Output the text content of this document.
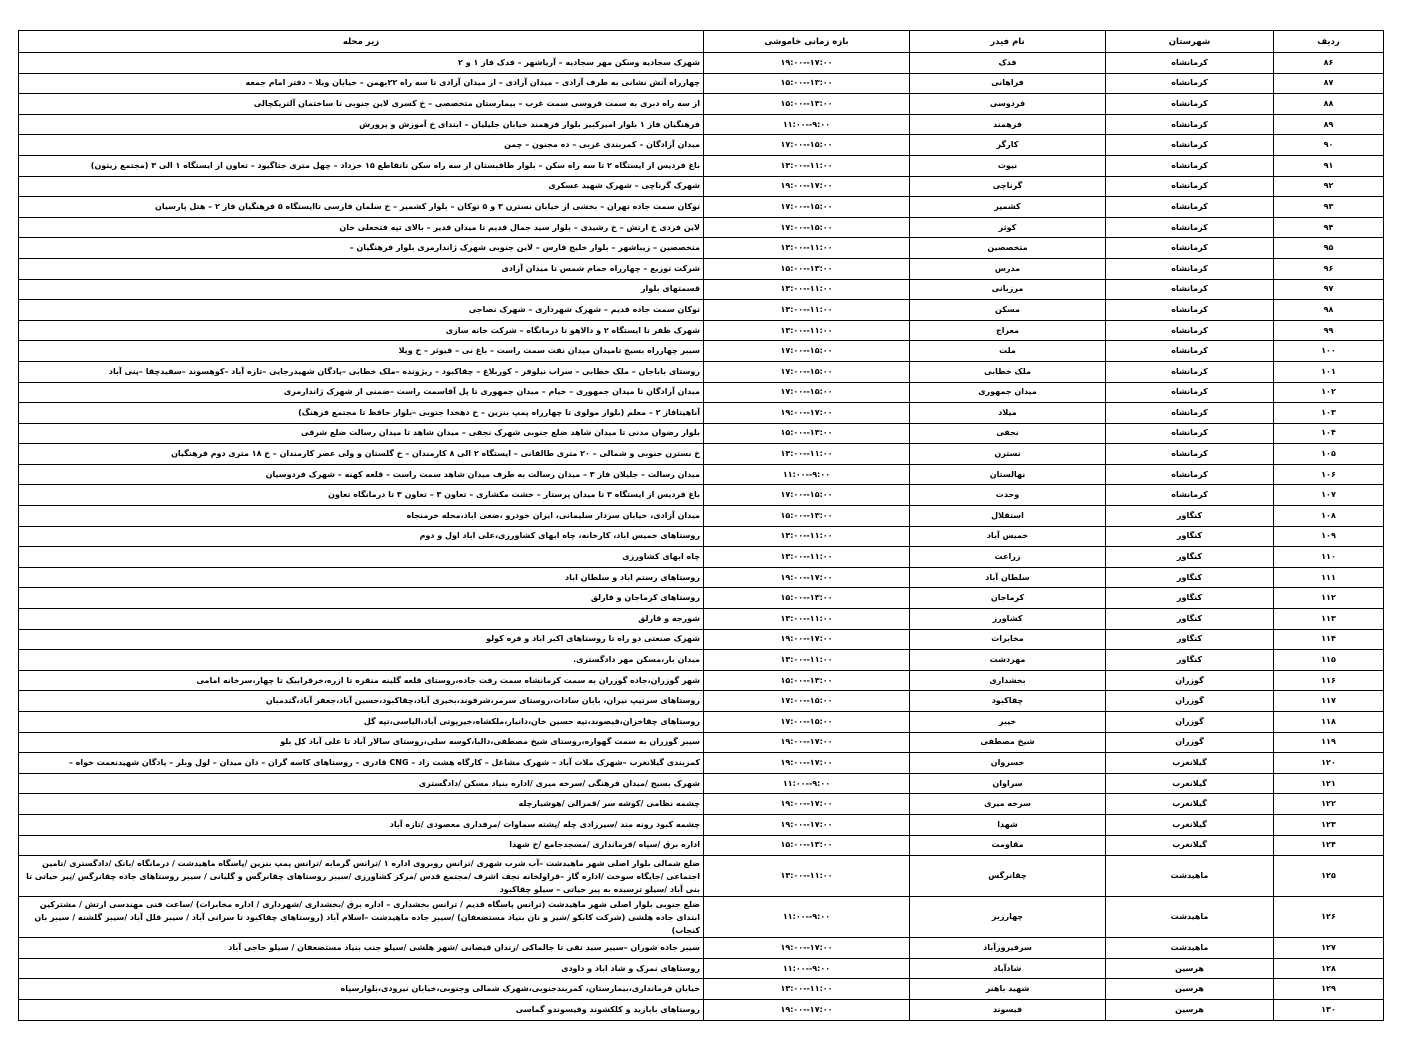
ردیف	شهرستان	نام فیدر	بازه زمانی خاموشی	زیر محله
۸۶	کرمانشاه	فدک	۱۹:۰۰--۱۷:۰۰	شهرک سجادیه وسکن مهر سجادیه – آریاشهر – فدک فاز ۱ و ۲
۸۷	کرمانشاه	فراهانی	۱۵:۰۰--۱۳:۰۰	چهارراه آتش نشانی به طرف آزادی – میدان آزادی – از میدان آزادی تا سه راه ۲۲بهمن – خیابان ویلا – دفتر امام جمعه
۸۸	کرمانشاه	فردوسی	۱۵:۰۰--۱۳:۰۰	از سه راه دبری به سمت فروسی سمت غرب – بیمارستان متخصصی – خ کسری لاین جنوبی تا ساختمان آلتریکچالی
۸۹	کرمانشاه	فرهمند	۱۱:۰۰--۹:۰۰	فرهنگیان فاز ۱ بلوار امیرکبیر بلوار فرهمند خیابان جلیلیان – ابتدای خ آموزش و پرورش
۹۰	کرمانشاه	کارگر	۱۷:۰۰--۱۵:۰۰	میدان آزادگان – کمربندی غربی – ده مجنون – چمن
۹۱	کرمانشاه	نیوت	۱۳:۰۰--۱۱:۰۰	باغ فردیس از ایستگاه ۲ تا سه راه سکن – بلوار طاقبستان از سه راه سکن تاتقاطع ۱۵ خرداد – چهل متری جتاگیود – تعاون از ایستگاه ۱ الی ۳ (مجتمع زیتون)
۹۲	کرمانشاه	گرناچی	۱۹:۰۰--۱۷:۰۰	شهرک گرناچی – شهرک شهید عسکری
۹۳	کرمانشاه	کشمیر	۱۷:۰۰--۱۵:۰۰	توکان سمت جاده تهران – بخشی از خیابان نسترن ۳ و ۵ توکان – بلوار کشمیر – خ سلمان فارسی تاایستگاه ۵ فرهنگیان فاز ۲ – هتل پارسیان
۹۴	کرمانشاه	کوثر	۱۷:۰۰--۱۵:۰۰	لاین فردی خ ارتش – خ رشیدی – بلوار سید جمال قدیم تا میدان قدیر – بالای تپه فتحعلی خان
۹۵	کرمانشاه	متخصصین	۱۳:۰۰--۱۱:۰۰	متخصصین – زیباشهر – بلوار خلیج فارس – لاین جنوبی شهرک ژاندارمری بلوار فرهنگیان –
۹۶	کرمانشاه	مدرس	۱۵:۰۰--۱۳:۰۰	شرکت توزیع – چهارراه حمام شمس تا میدان آزادی
۹۷	کرمانشاه	مرزبانی	۱۳:۰۰--۱۱:۰۰	قسمتهای بلوار
۹۸	کرمانشاه	مسکن	۱۳:۰۰--۱۱:۰۰	توکان سمت جاده قدیم – شهرک شهرداری – شهرک نصاجی
۹۹	کرمانشاه	معراج	۱۳:۰۰--۱۱:۰۰	شهرک ظفر تا ایستگاه ۲ و دالاهو تا درمانگاه – شرکت خانه سازی
۱۰۰	کرمانشاه	ملت	۱۷:۰۰--۱۵:۰۰	سیبر چهارراه بسیج تامیدان میدان نفت سمت راست – باغ نی – فیوثر – خ ویلا
۱۰۱	کرمانشاه	ملک خطابی	۱۷:۰۰--۱۵:۰۰	روستای باباجان – ملک خطابی – سراب نیلوفر – کوربلاغ – چقاکبود – ریژونده –ملک خطابی –پادگان شهیدرجایی –تازه آباد –کوهسوند –سفیدچقا –پنی آباد
۱۰۲	کرمانشاه	میدان جمهوری	۱۷:۰۰--۱۵:۰۰	میدان آزادگان تا میدان جمهوری – خیام – میدان جمهوری تا پل آقاسمت راست –ضمنی از شهرک ژاندارمری
۱۰۳	کرمانشاه	میلاد	۱۹:۰۰--۱۷:۰۰	آناهیتافاز ۲ – معلم (بلوار مولوی تا چهارراه پمپ بنزین – خ دهخدا جنوبی –بلوار حافظ تا مجتمع فرهنگ)
۱۰۴	کرمانشاه	نجفی	۱۵:۰۰--۱۳:۰۰	بلوار رضوان مدنی تا میدان شاهد ضلع جنوبی شهرک نجفی – میدان شاهد تا میدان رسالت ضلع شرقی
۱۰۵	کرمانشاه	نسترن	۱۳:۰۰--۱۱:۰۰	خ نسترن جنوبی و شمالی – ۲۰ متری طالقانی – ایستگاه ۲ الی ۸ کارمندان – خ گلستان و ولی عصر کارمندان – خ ۱۸ متری دوم فرهنگیان
۱۰۶	کرمانشاه	نهالستان	۱۱:۰۰--۹:۰۰	میدان رسالت – جلیلان فاز ۳ – میدان رسالت به طرف میدان شاهد سمت راست – قلعه کهنه – شهرک فردوسیان
۱۰۷	کرمانشاه	وحدت	۱۷:۰۰--۱۵:۰۰	باغ فردیس از ایستگاه ۳ تا میدان پرستار – خشت مکشاری – تعاون ۳ – تعاون ۳ تا درمانگاه تعاون
۱۰۸	کنگاور	استقلال	۱۵:۰۰--۱۳:۰۰	میدان آزادی، خیابان سردار سلیمانی، ایران خودرو ،ضعی اباد،محله خرمنجاه
۱۰۹	کنگاور	خمیس آباد	۱۳:۰۰--۱۱:۰۰	روستاهای خمیس اباد، کارخانه، چاه ابهای کشاورزی،علی اباد اول و دوم
۱۱۰	کنگاور	زراعت	۱۳:۰۰--۱۱:۰۰	چاه ابهای کشاورزی
۱۱۱	کنگاور	سلطان آباد	۱۹:۰۰--۱۷:۰۰	روستاهای رستم اباد و سلطان اباد
۱۱۲	کنگاور	کرماجان	۱۵:۰۰--۱۳:۰۰	روستاهای کرماجان و قارلق
۱۱۳	کنگاور	کشاورز	۱۳:۰۰--۱۱:۰۰	شورجه و قارلق
۱۱۴	کنگاور	مخابرات	۱۹:۰۰--۱۷:۰۰	شهرک صنعتی دو راه تا روستاهای اکبر اباد و فره کولو
۱۱۵	کنگاور	مهردشت	۱۳:۰۰--۱۱:۰۰	میدان بار،مسکن مهر دادگستری.
۱۱۶	گوزران	بخشداری	۱۵:۰۰--۱۳:۰۰	شهر گوزران،جاده گوزران به سمت کرمانشاه سمت رفت جاده،روستای قلعه گلینه منقره تا ازره،خرقرابیک تا چهار،سرخانه امامی
۱۱۷	گوزران	چقاکبود	۱۷:۰۰--۱۵:۰۰	روستاهای سرتیپ نیران، بابان سادات،روستای سرمر،شرفوند،بخیری آباد،چقاکبود،حسین آباد،جعفر آباد،گندمبان
۱۱۸	گوزران	خیبر	۱۷:۰۰--۱۵:۰۰	روستاهای چقاخزان،قیصوند،تپه حسین خان،دانیار،ملکشاه،خیرپوتی آباد،الیاسی،تپه گل
۱۱۹	گوزران	شیخ مصطفی	۱۹:۰۰--۱۷:۰۰	سیبر گوزران به سمت گهواره،روستای شیخ مصطفی،دالبا،کوسه سلی،روستای سالار آباد تا علی آباد کل بلو
۱۲۰	گیلانغرب	خسروان	۱۹:۰۰--۱۷:۰۰	کمربندی گیلانغرب –شهرک ملات آباد – شهرک مشاغل – کارگاه هشت زاد – CNG قادری – روستاهای کاسه گران – دان میدان – لول وبلر – پادگان شهیدنعمت خواه –
۱۲۱	گیلانغرب	سراوان	۱۱:۰۰--۹:۰۰	شهرک بسیج /میدان فرهنگی /سرخه میری /اداره بنیاد مسکن /دادگستری
۱۲۲	گیلانغرب	سرخه میری	۱۹:۰۰--۱۷:۰۰	چشمه نظامی /کوشه سر /قمرالی /هوشیارچله
۱۲۳	گیلانغرب	شهدا	۱۹:۰۰--۱۷:۰۰	چشمه کبود رونه مند /سیرزادی چله /پشته سماوات /مرفداری معصودی /تازه آباد
۱۲۴	گیلانغرب	مقاومت	۱۵:۰۰--۱۳:۰۰	اداره برق /سپاه /فرمانداری /مسجدجامع /خ شهدا
۱۲۵	ماهیدشت	چقانرگس	۱۳:۰۰--۱۱:۰۰	ضلع شمالی بلوار اصلی شهر ماهیدشت –آب شرب شهری /ترانس روبروی اداره ۱ /ترانس گرمابه /ترانس پمپ بنزین /پاسگاه ماهیدشت / درمانگاه /بانک /دادگستری /تامین اجتماعی /جایگاه سوخت /اداره گاز –قراولخانه نجف اشرف /مجتمع قدس /مرکز کشاورزی /سیبر روستاهای چقانرگس و گلیانی / سیبر روستاهای جاده چقانرگس /پیر حیاتی تا بنی آباد /سیلو ترسیده به پیر حیاتی – سیلو چقاکبود
۱۲۶	ماهیدشت	چهارزبر	۱۱:۰۰--۹:۰۰	ضلع جنوبی بلوار اصلی شهر ماهیدشت (ترانس پاسگاه قدیم / ترانس بخشداری – اداره برق /بخشداری /شهرداری / اداره مخابرات) /ساعت فنی مهندسی ارتش / مشترکین ابتدای جاده هلشی (شرکت کابکو /شیر و نان بنیاد مستضعفان) /سیبر جاده ماهیدشت –اسلام آباد (روستاهای چقاکبود تا سرانی آباد / سیبر قلل آباد /سیبر گلشنه / سیبر بان کنجاب)
۱۲۷	ماهیدشت	سرفیروزآباد	۱۹:۰۰--۱۷:۰۰	سیبر جاده شوران –سیبر سید تقی تا جالماکی /زندان قیصانی /شهر هلشی /سیلو جنب بنیاد مستضعفان / سیلو حاجی آباد
۱۲۸	هرسین	شادآباد	۱۱:۰۰--۹:۰۰	روستاهای نمرک و شاد اباد و داودی
۱۲۹	هرسین	شهید باهنر	۱۳:۰۰--۱۱:۰۰	خیابان فرمانداری،بیمارستان، کمربندجنوبی،شهرک شمالی وجنوبی،خیابان نیرودی،بلوارسپاه
۱۳۰	هرسین	فیسوند	۱۹:۰۰--۱۷:۰۰	روستاهای بابازید و کلکشوند وفیسوندو گماسی
